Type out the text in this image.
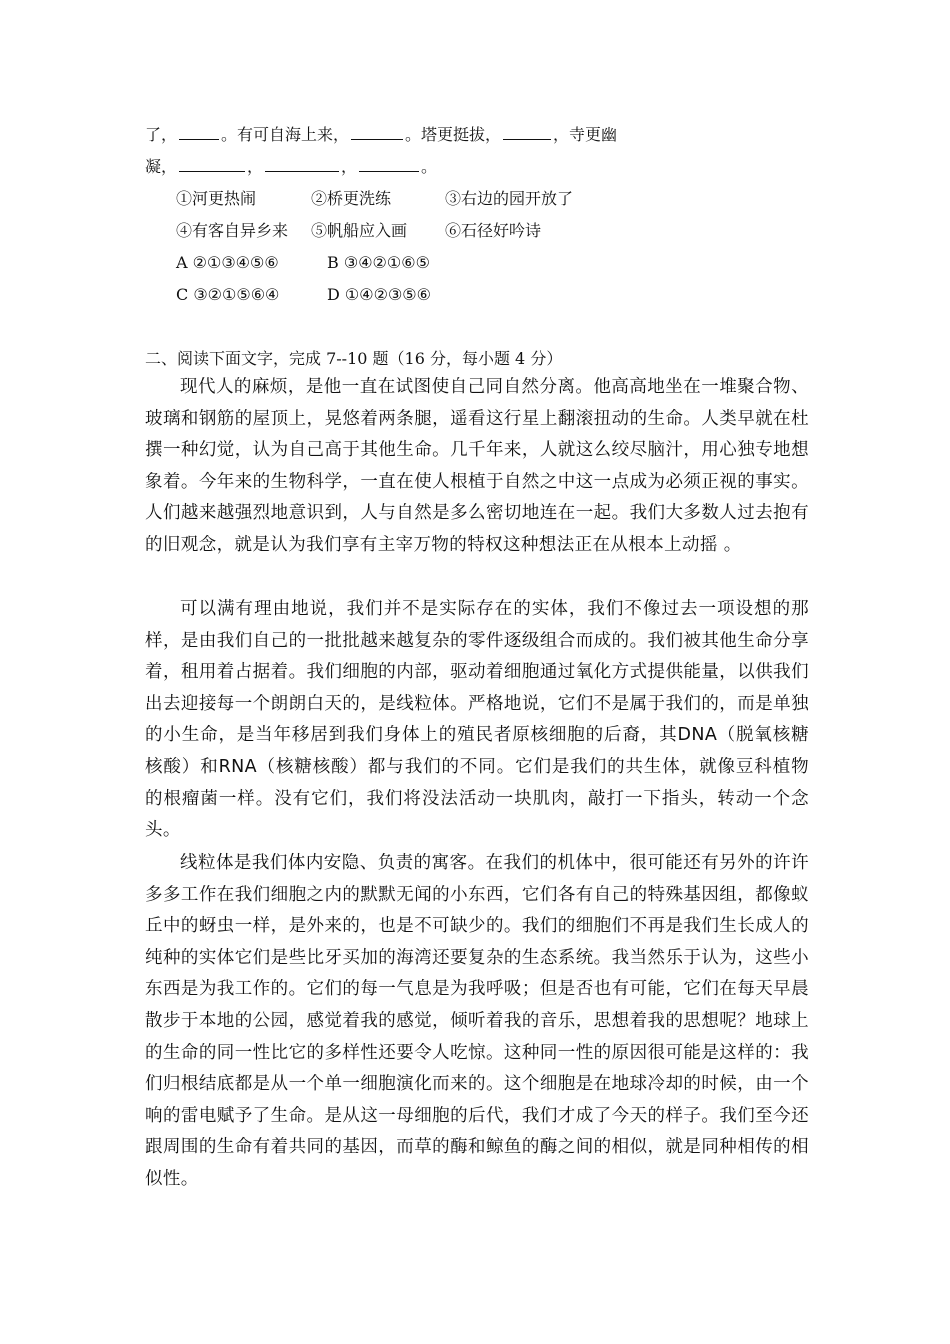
了，	。有可自海上来，	。塔更挺拔，	，寺更幽
凝，	，	，	。
①河更热闹	②桥更洗练	③右边的园开放了
④有客自异乡来 ⑤帆船应入画 ⑥石径好吟诗
A ②①③④⑤⑥	B ③④②①⑥⑤
C ③②①⑤⑥④	D ①④②③⑤⑥
二、阅读下面文字，完成 7--10 题（16 分，每小题 4 分）

现代人的麻烦，是他一直在试图使自己同自然分离。他高高地坐在一堆聚合物、玻璃和钢筋的屋顶上，晃悠着两条腿，遥看这行星上翻滚扭动的生命。人类早就在杜撰一种幻觉，认为自己高于其他生命。几千年来，人就这么绞尽脑汁，用心独专地想象着。今年来的生物科学，一直在使人根植于自然之中这一点成为必须正视的事实。人们越来越强烈地意识到，人与自然是多么密切地连在一起。我们大多数人过去抱有的旧观念，就是认为我们享有主宰万物的特权这种想法正在从根本上动摇 。

可以满有理由地说，我们并不是实际存在的实体，我们不像过去一项设想的那样，是由我们自己的一批批越来越复杂的零件逐级组合而成的。我们被其他生命分享着，租用着占据着。我们细胞的内部，驱动着细胞通过氧化方式提供能量，以供我们出去迎接每一个朗朗白天的，是线粒体。严格地说，它们不是属于我们的，而是单独的小生命，是当年移居到我们身体上的殖民者原核细胞的后裔，其DNA（脱氧核糖核酸）和RNA（核糖核酸）都与我们的不同。它们是我们的共生体，就像豆科植物的根瘤菌一样。没有它们，我们将没法活动一块肌肉，敲打一下指头，转动一个念头。

线粒体是我们体内安隐、负责的寓客。在我们的机体中，很可能还有另外的许许多多工作在我们细胞之内的默默无闻的小东西，它们各有自己的特殊基因组，都像蚁丘中的蚜虫一样，是外来的，也是不可缺少的。我们的细胞们不再是我们生长成人的纯种的实体它们是些比牙买加的海湾还要复杂的生态系统。我当然乐于认为，这些小东西是为我工作的。它们的每一气息是为我呼吸；但是否也有可能，它们在每天早晨散步于本地的公园，感觉着我的感觉，倾听着我的音乐，思想着我的思想呢？地球上的生命的同一性比它的多样性还要令人吃惊。这种同一性的原因很可能是这样的：我们归根结底都是从一个单一细胞演化而来的。这个细胞是在地球冷却的时候，由一个响的雷电赋予了生命。是从这一母细胞的后代，我们才成了今天的样子。我们至今还跟周围的生命有着共同的基因，而草的酶和鲸鱼的酶之间的相似，就是同种相传的相似性。
